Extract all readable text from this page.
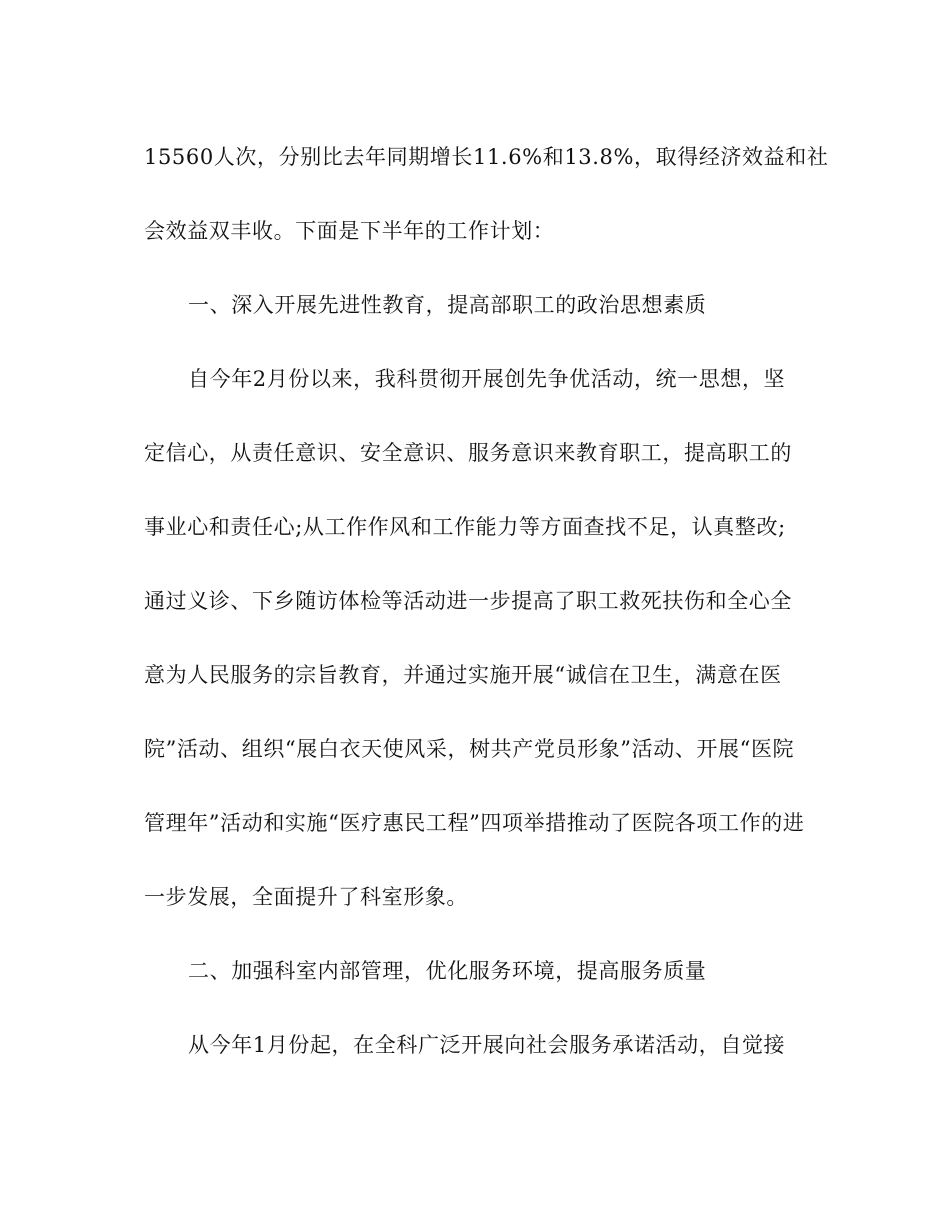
15560人次，分别比去年同期增长11.6%和13.8%，取得经济效益和社
会效益双丰收。下面是下半年的工作计划：
一、深入开展先进性教育，提高部职工的政治思想素质
自今年2月份以来，我科贯彻开展创先争优活动，统一思想，坚
定信心，从责任意识、安全意识、服务意识来教育职工，提高职工的
事业心和责任心;从工作作风和工作能力等方面查找不足，认真整改;
通过义诊、下乡随访体检等活动进一步提高了职工救死扶伤和全心全
意为人民服务的宗旨教育，并通过实施开展“诚信在卫生，满意在医
院”活动、组织“展白衣天使风采，树共产党员形象”活动、开展“医院
管理年”活动和实施“医疗惠民工程”四项举措推动了医院各项工作的进
一步发展，全面提升了科室形象。
二、加强科室内部管理，优化服务环境，提高服务质量
从今年1月份起，在全科广泛开展向社会服务承诺活动，自觉接
